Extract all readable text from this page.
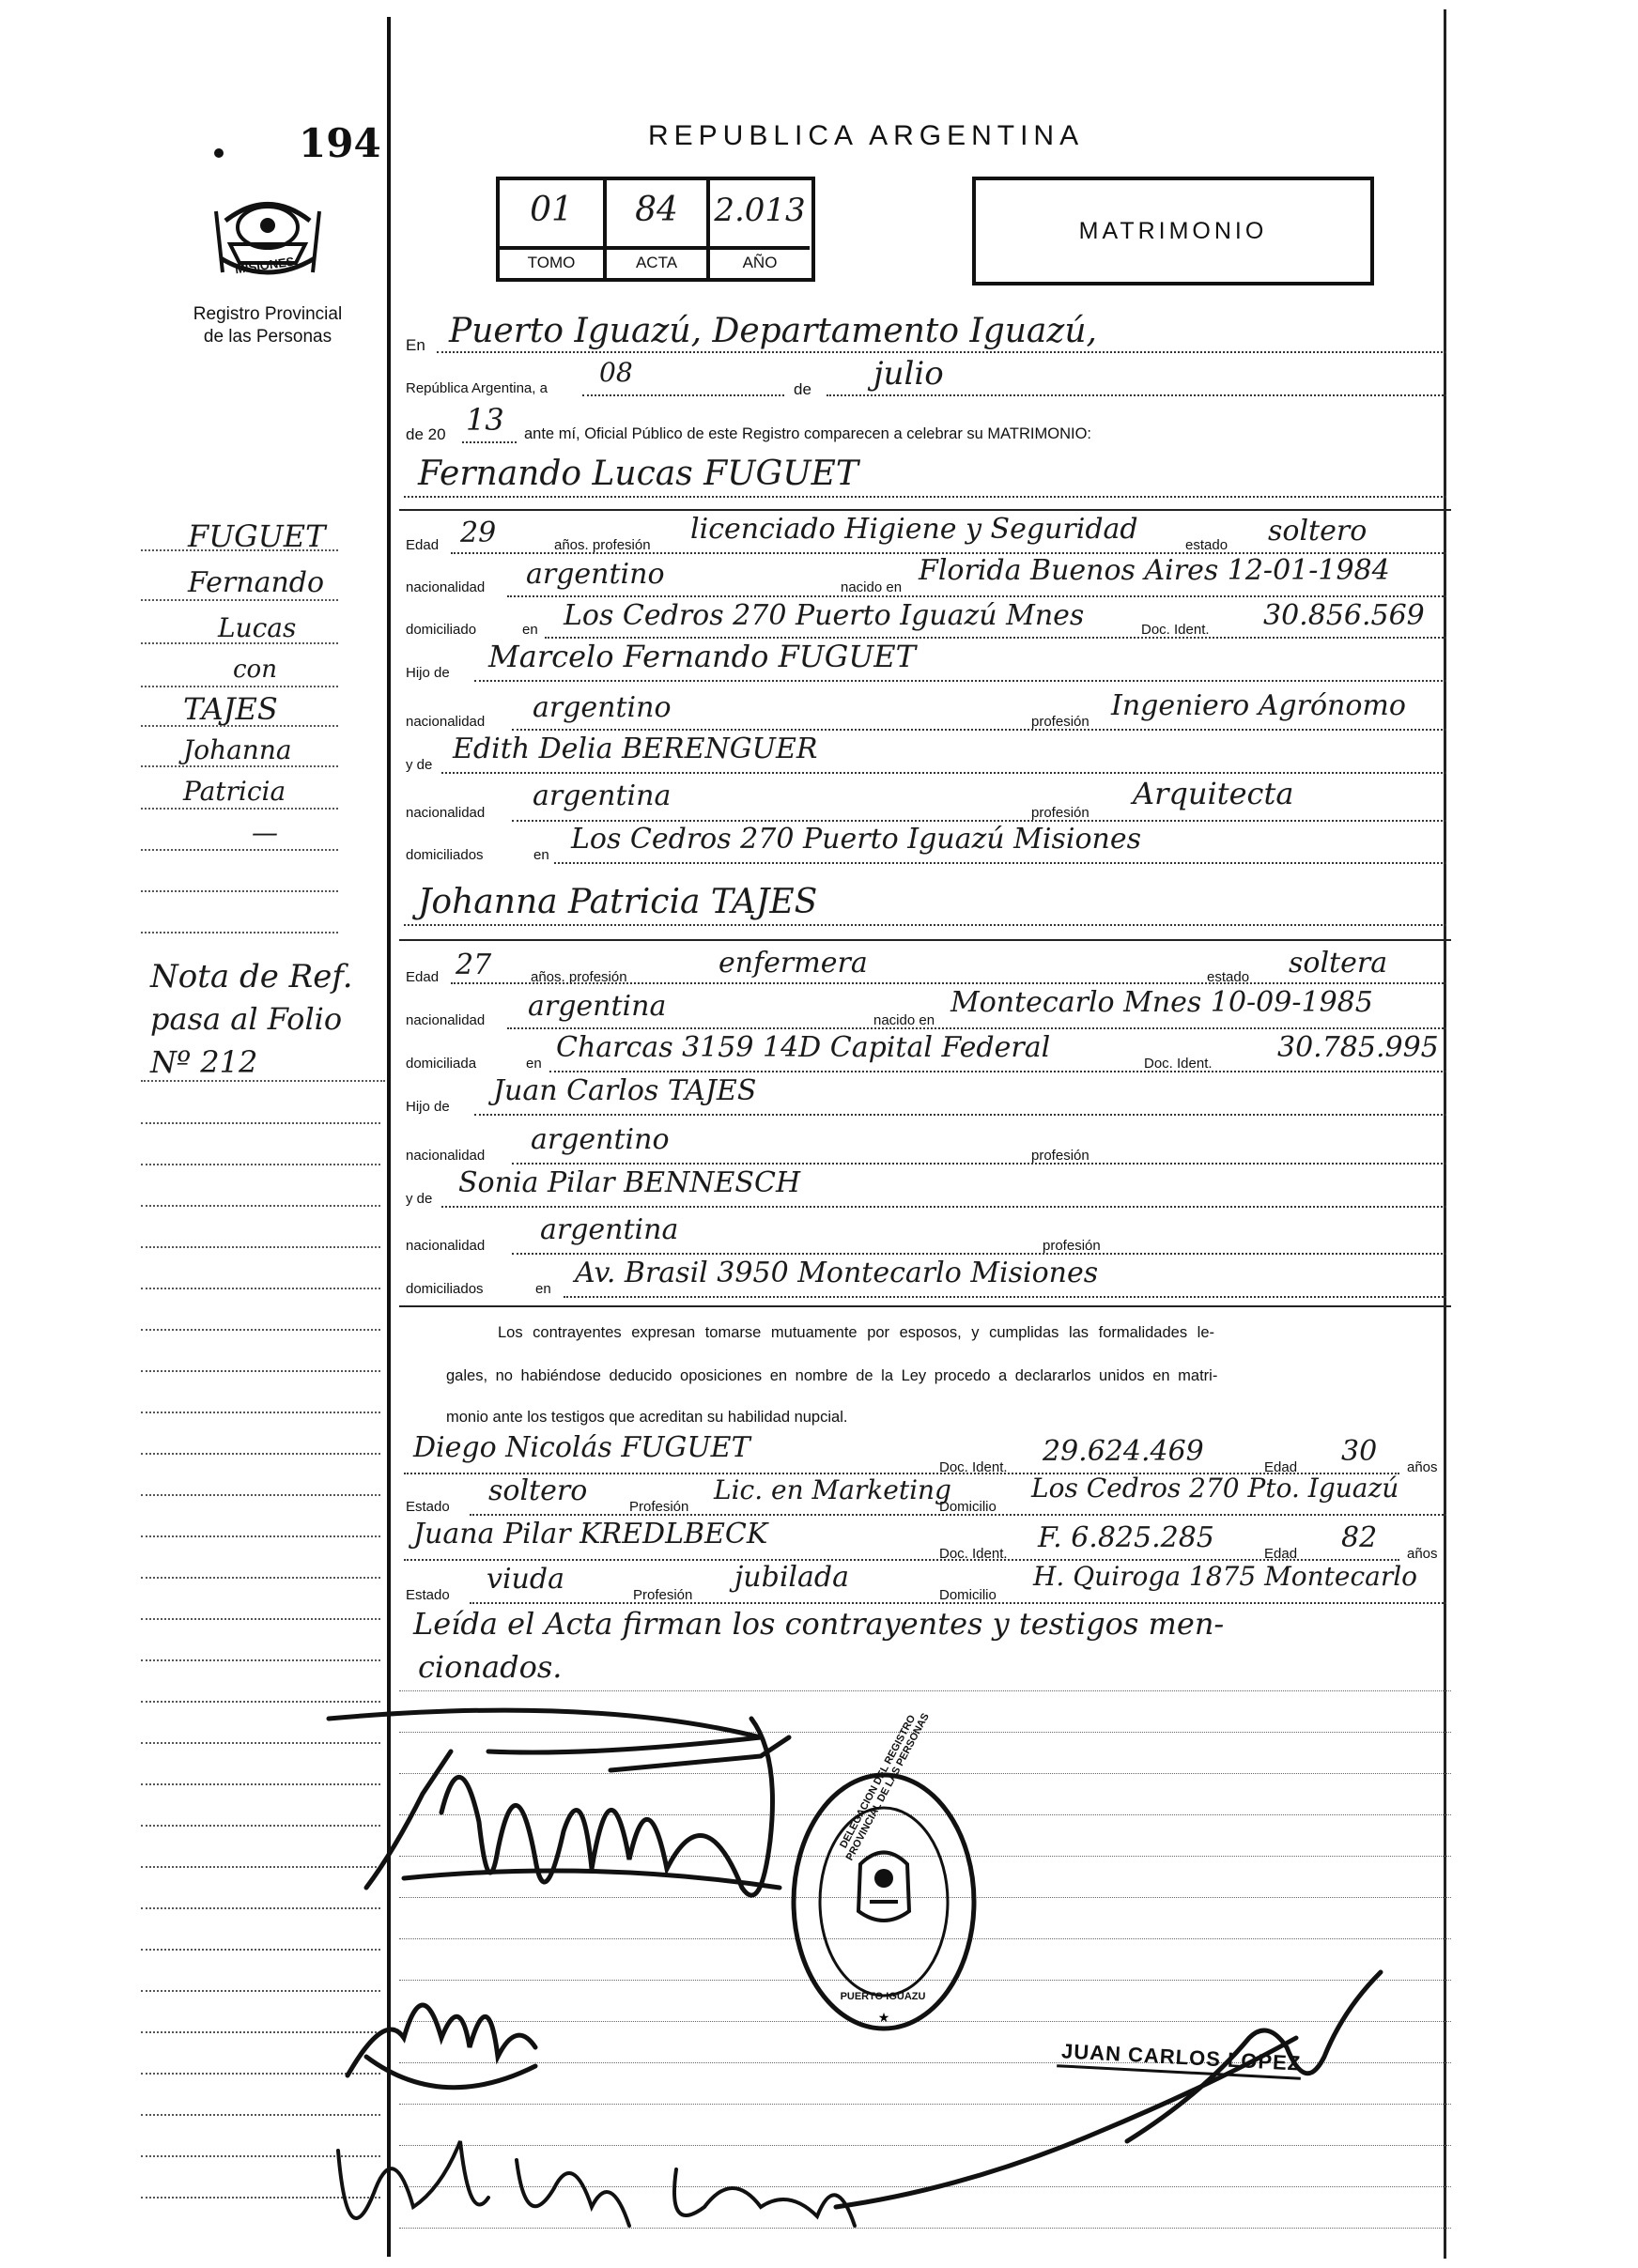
194
MISIONES
Registro Provincial
de las Personas
FUGUET
Fernando
Lucas
con
TAJES
Johanna
Patricia
—
Nota de Ref.
pasa al Folio
Nº 212
REPUBLICA ARGENTINA
01	84	2.013
TOMO	ACTA	AÑO
MATRIMONIO
En Puerto Iguazú, Departamento Iguazú,
República Argentina, a
08
de julio
de 20 13 ante mí, Oficial Público de este Registro comparecen a celebrar su MATRIMONIO:
Fernando Lucas FUGUET
Edad 29	años. profesión licenciado Higiene y Seguridad	estado soltero
nacionalidad argentino	nacido en
Florida Buenos Aires 12-01-1984
domiciliado	en Los Cedros 270 Puerto Iguazú Mnes	Doc. Ident. 30.856.569
Hijo de Marcelo Fernando FUGUET
nacionalidad argentino	profesión Ingeniero Agrónomo
y de Edith Delia BERENGUER
nacionalidad
argentina
profesión
Arquitecta
domiciliados	en Los Cedros 270 Puerto Iguazú Misiones
Johanna Patricia TAJES
Edad 27	años. profesión	enfermera	estado soltera
nacionalidad argentina	nacido en
Montecarlo Mnes 10-09-1985
domiciliada	en Charcas 3159 14D Capital Federal	Doc. Ident. 30.785.995
Hijo de Juan Carlos TAJES
nacionalidad argentino	profesión
y de Sonia Pilar BENNESCH
nacionalidad argentina	profesión
domiciliados	en Av. Brasil 3950 Montecarlo Misiones
Los contrayentes expresan tomarse mutuamente por esposos, y cumplidas las formalidades le-
gales, no habiéndose deducido oposiciones en nombre de la Ley procedo a declararlos unidos en matri-
monio ante los testigos que acreditan su habilidad nupcial.
Diego Nicolás FUGUET
Doc. Ident. 29.624.469	Edad 30 años
Estado soltero	Profesión
Lic. en Marketing
Domicilio
Los Cedros 270 Pto. Iguazú
Juana Pilar KREDLBECK
Doc. Ident. F. 6.825.285	Edad 82 años
Estado viuda	Profesión
jubilada
Domicilio
H. Quiroga 1875 Montecarlo
Leída el Acta firman los contrayentes y testigos men-
cionados.
★
DELEGACION DEL REGISTRO PROVINCIAL DE LAS PERSONAS
PUERTO IGUAZU
JUAN CARLOS LOPEZ
